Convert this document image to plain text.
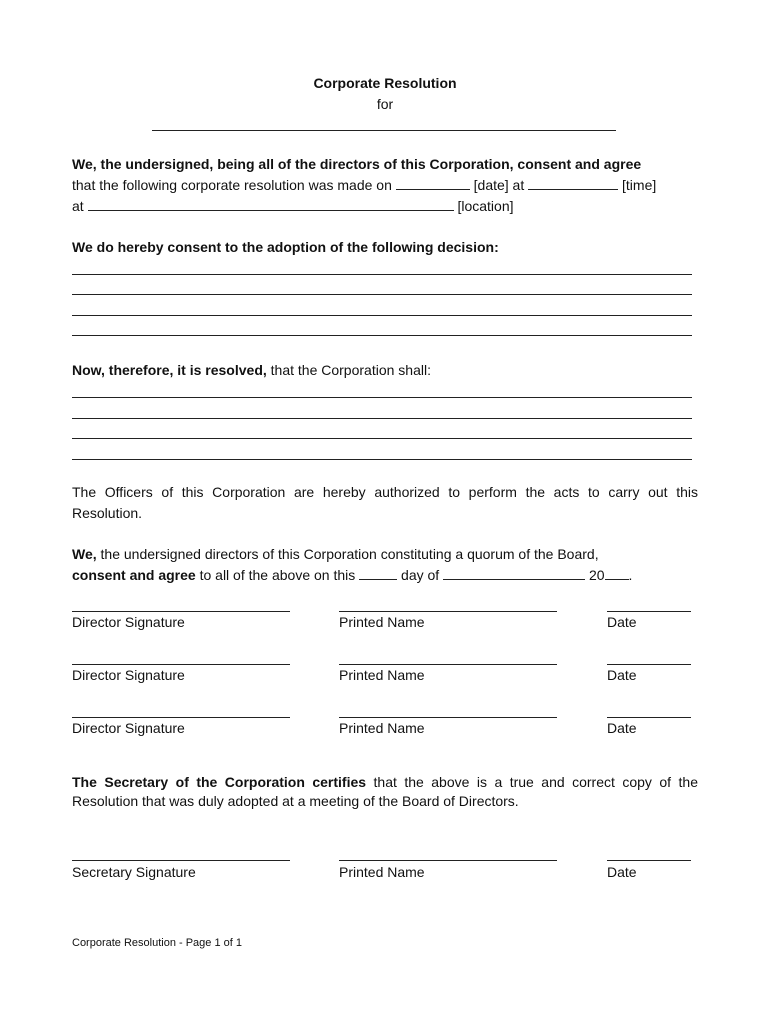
Corporate Resolution
for
We, the undersigned, being all of the directors of this Corporation, consent and agree
that the following corporate resolution was made on	[date] at	[time]
at	[location]
We do hereby consent to the adoption of the following decision:
Now, therefore, it is resolved, that the Corporation shall:
The Officers of this Corporation are hereby authorized to perform the acts to carry out this Resolution.
We, the undersigned directors of this Corporation constituting a quorum of the Board,
consent and agree to all of the above on this	day of	20 .
Director Signature	Printed Name	Date
Director Signature	Printed Name	Date
Director Signature	Printed Name	Date
The Secretary of the Corporation certifies that the above is a true and correct copy of the Resolution that was duly adopted at a meeting of the Board of Directors.
Secretary Signature	Printed Name	Date
Corporate Resolution - Page 1 of 1
